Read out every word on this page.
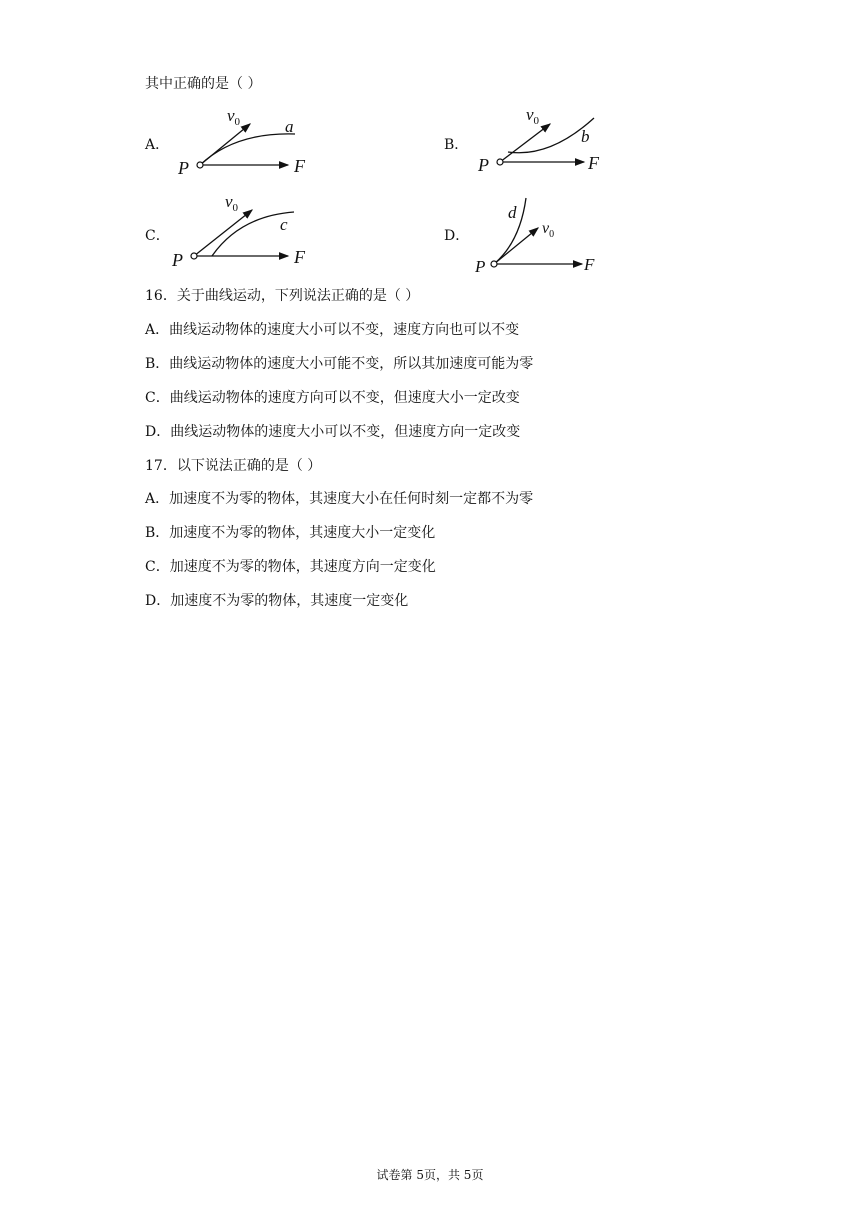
其中正确的是（ ）
A．
P	F
$v_0$	a
B．
P	F
$v_0$
b
C．
P	F
$v_0$
c
D．
P	F
$v_0$
d
16．关于曲线运动，下列说法正确的是（ ）
A．曲线运动物体的速度大小可以不变，速度方向也可以不变
B．曲线运动物体的速度大小可能不变，所以其加速度可能为零
C．曲线运动物体的速度方向可以不变，但速度大小一定改变
D．曲线运动物体的速度大小可以不变，但速度方向一定改变
17．以下说法正确的是（ ）
A．加速度不为零的物体，其速度大小在任何时刻一定都不为零
B．加速度不为零的物体，其速度大小一定变化
C．加速度不为零的物体，其速度方向一定变化
D．加速度不为零的物体，其速度一定变化
试卷第 5页，共 5页
